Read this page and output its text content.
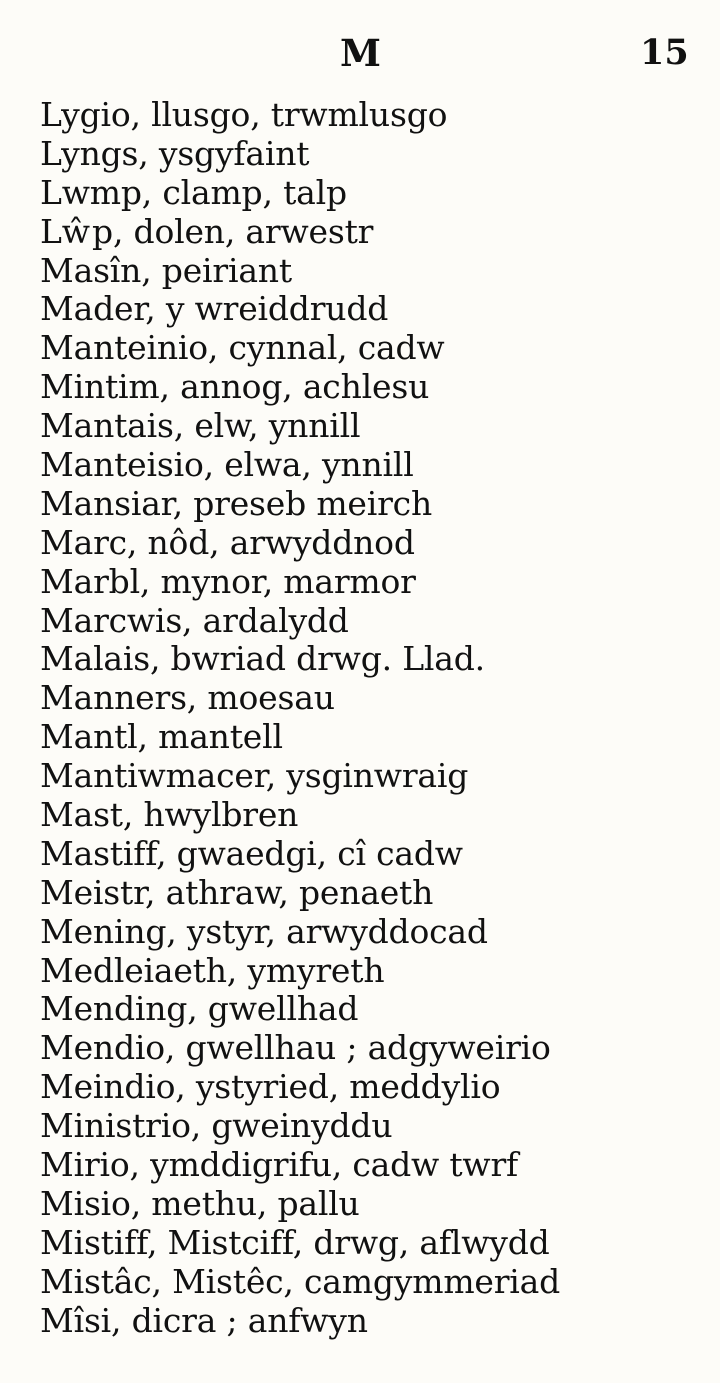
M	15
Lygio, llusgo, trwmlusgo
Lyngs, ysgyfaint
Lwmp, clamp, talp
Lŵp, dolen, arwestr
Masîn, peiriant
Mader, y wreiddrudd
Manteinio, cynnal, cadw
Mintim, annog, achlesu
Mantais, elw, ynnill
Manteisio, elwa, ynnill
Mansiar, preseb meirch
Marc, nôd, arwyddnod
Marbl, mynor, marmor
Marcwis, ardalydd
Malais, bwriad drwg. Llad.
Manners, moesau
Mantl, mantell
Mantiwmacer, ysginwraig
Mast, hwylbren
Mastiff, gwaedgi, cî cadw
Meistr, athraw, penaeth
Mening, ystyr, arwyddocad
Medleiaeth, ymyreth
Mending, gwellhad
Mendio, gwellhau ; adgyweirio
Meindio, ystyried, meddylio
Ministrio, gweinyddu
Mirio, ymddigrifu, cadw twrf
Misio, methu, pallu
Mistiff, Mistciff, drwg, aflwydd
Mistâc, Mistêc, camgymmeriad
Mîsi, dicra ; anfwyn
